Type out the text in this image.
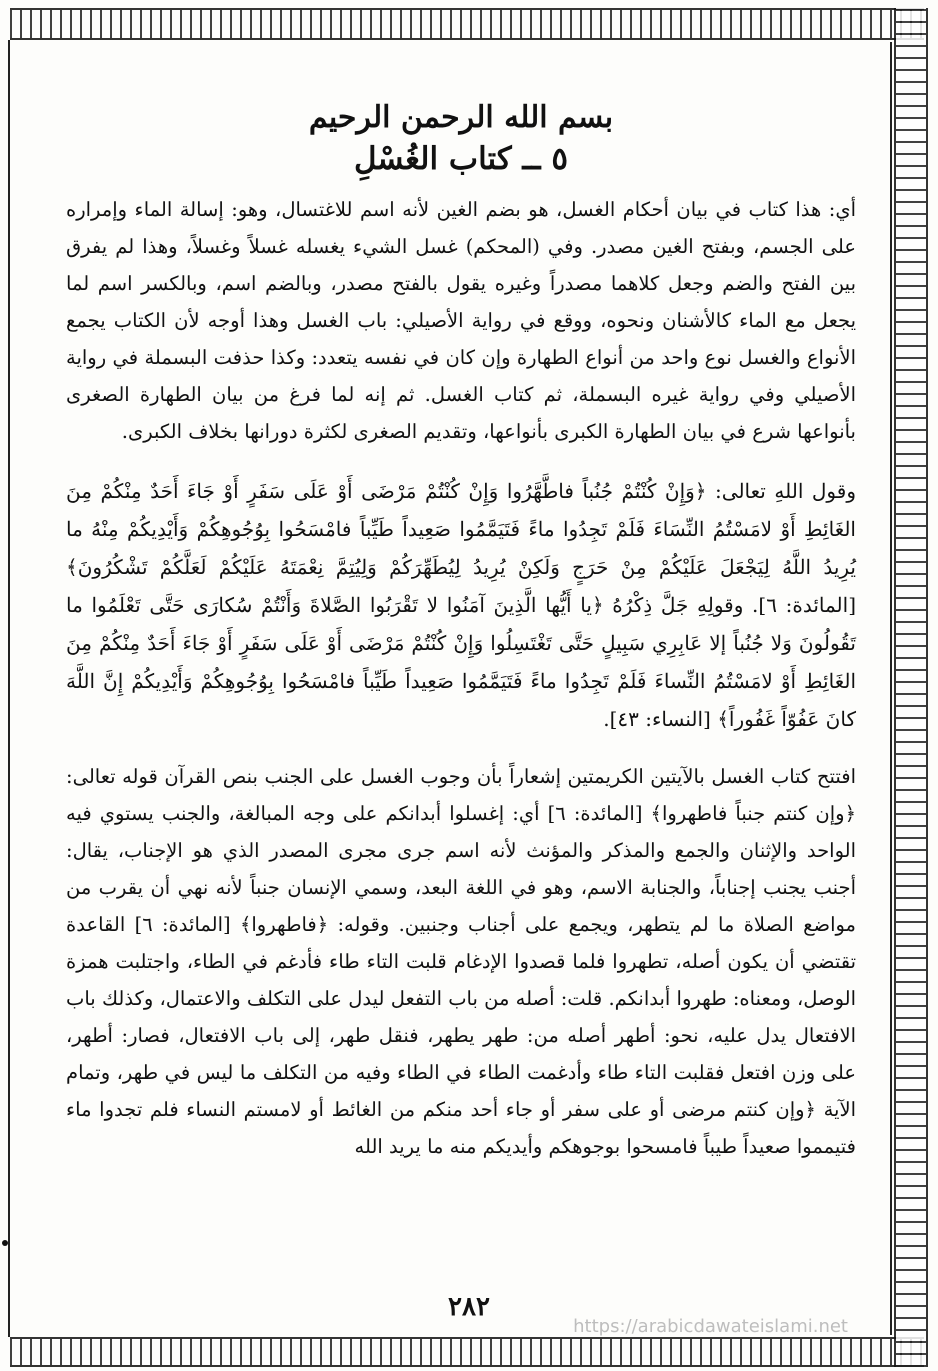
بسم الله الرحمن الرحيم
٥ ــ كتاب الغُسْلِ

أي: هذا كتاب في بيان أحكام الغسل، هو بضم الغين لأنه اسم للاغتسال، وهو: إسالة الماء وإمراره على الجسم، وبفتح الغين مصدر. وفي (المحكم) غسل الشيء يغسله غسلاً وغسلاً، وهذا لم يفرق بين الفتح والضم وجعل كلاهما مصدراً وغيره يقول بالفتح مصدر، وبالضم اسم، وبالكسر اسم لما يجعل مع الماء كالأشنان ونحوه، ووقع في رواية الأصيلي: باب الغسل وهذا أوجه لأن الكتاب يجمع الأنواع والغسل نوع واحد من أنواع الطهارة وإن كان في نفسه يتعدد: وكذا حذفت البسملة في رواية الأصيلي وفي رواية غيره البسملة، ثم كتاب الغسل. ثم إنه لما فرغ من بيان الطهارة الصغرى بأنواعها شرع في بيان الطهارة الكبرى بأنواعها، وتقديم الصغرى لكثرة دورانها بخلاف الكبرى.

وقول اللهِ تعالى: ﴿وَإِنْ كُنْتُمْ جُنُباً فاطَّهَّرُوا وَإِنْ كُنْتُمْ مَرْضَى أَوْ عَلَى سَفَرٍ أَوْ جَاءَ أَحَدٌ مِنْكُمْ مِنَ الغَائِطِ أَوْ لامَسْتُمُ النِّسَاءَ فَلَمْ تَجِدُوا ماءً فَتَيَمَّمُوا صَعِيداً طَيِّباً فامْسَحُوا بِوُجُوهِكُمْ وَأَيْدِيكُمْ مِنْهُ ما يُرِيدُ اللَّهُ لِيَجْعَلَ عَلَيْكُمْ مِنْ حَرَجٍ وَلَكِنْ يُرِيدُ لِيُطَهِّرَكُمْ وَلِيُتِمَّ نِعْمَتَهُ عَلَيْكُمْ لَعَلَّكُمْ تَشْكُرُونَ﴾ [المائدة: ٦]. وقولِهِ جَلَّ ذِكْرُهُ ﴿يا أَيُّها الَّذِينَ آمَنُوا لا تَقْرَبُوا الصَّلاةَ وَأَنْتُمْ سُكارَى حَتَّى تَعْلَمُوا ما تَقُولُونَ وَلا جُنُباً إلا عَابِرِي سَبِيلٍ حَتَّى تَغْتَسِلُوا وَإِنْ كُنْتُمْ مَرْضَى أَوْ عَلَى سَفَرٍ أَوْ جَاءَ أَحَدٌ مِنْكُمْ مِنَ الغَائِطِ أَوْ لامَسْتُمُ النِّساءَ فَلَمْ تَجِدُوا ماءً فَتَيَمَّمُوا صَعِيداً طَيِّباً فامْسَحُوا بِوُجُوهِكُمْ وَأَيْدِيكُمْ إِنَّ اللَّهَ كانَ عَفُوّاً غَفُوراً﴾ [النساء: ٤٣].

افتتح كتاب الغسل بالآيتين الكريمتين إشعاراً بأن وجوب الغسل على الجنب بنص القرآن قوله تعالى: ﴿وإن كنتم جنباً فاطهروا﴾ [المائدة: ٦] أي: إغسلوا أبدانكم على وجه المبالغة، والجنب يستوي فيه الواحد والإثنان والجمع والمذكر والمؤنث لأنه اسم جرى مجرى المصدر الذي هو الإجناب، يقال: أجنب يجنب إجناباً، والجنابة الاسم، وهو في اللغة البعد، وسمي الإنسان جنباً لأنه نهي أن يقرب من مواضع الصلاة ما لم يتطهر، ويجمع على أجناب وجنبين. وقوله: ﴿فاطهروا﴾ [المائدة: ٦] القاعدة تقتضي أن يكون أصله، تطهروا فلما قصدوا الإدغام قلبت التاء طاء فأدغم في الطاء، واجتلبت همزة الوصل، ومعناه: طهروا أبدانكم. قلت: أصله من باب التفعل ليدل على التكلف والاعتمال، وكذلك باب الافتعال يدل عليه، نحو: أطهر أصله من: طهر يطهر، فنقل طهر، إلى باب الافتعال، فصار: أطهر، على وزن افتعل فقلبت التاء طاء وأدغمت الطاء في الطاء وفيه من التكلف ما ليس في طهر، وتمام الآية ﴿وإن كنتم مرضى أو على سفر أو جاء أحد منكم من الغائط أو لامستم النساء فلم تجدوا ماء فتيمموا صعيداً طيباً فامسحوا بوجوهكم وأيديكم منه ما يريد الله

٢٨٢
https://arabicdawateislami.net
